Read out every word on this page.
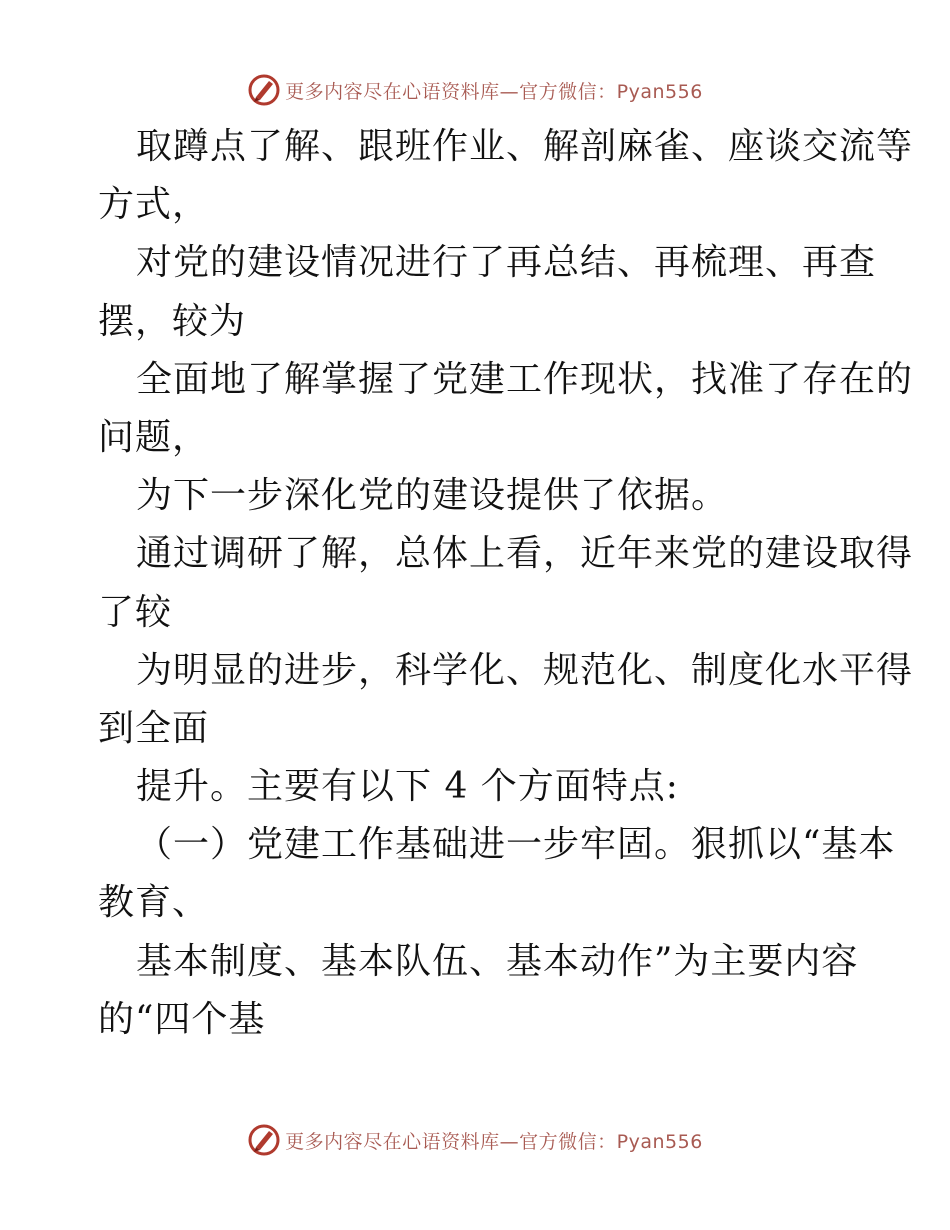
更多内容尽在心语资料库—官方微信：Pyan556
取蹲点了解、跟班作业、解剖麻雀、座谈交流等
方式，
对党的建设情况进行了再总结、再梳理、再查
摆，较为
全面地了解掌握了党建工作现状，找准了存在的
问题，
为下一步深化党的建设提供了依据。
通过调研了解，总体上看，近年来党的建设取得
了较
为明显的进步，科学化、规范化、制度化水平得
到全面
提升。主要有以下 4 个方面特点:
（一）党建工作基础进一步牢固。狠抓以“基本
教育、
基本制度、基本队伍、基本动作”为主要内容
的“四个基
更多内容尽在心语资料库—官方微信：Pyan556
